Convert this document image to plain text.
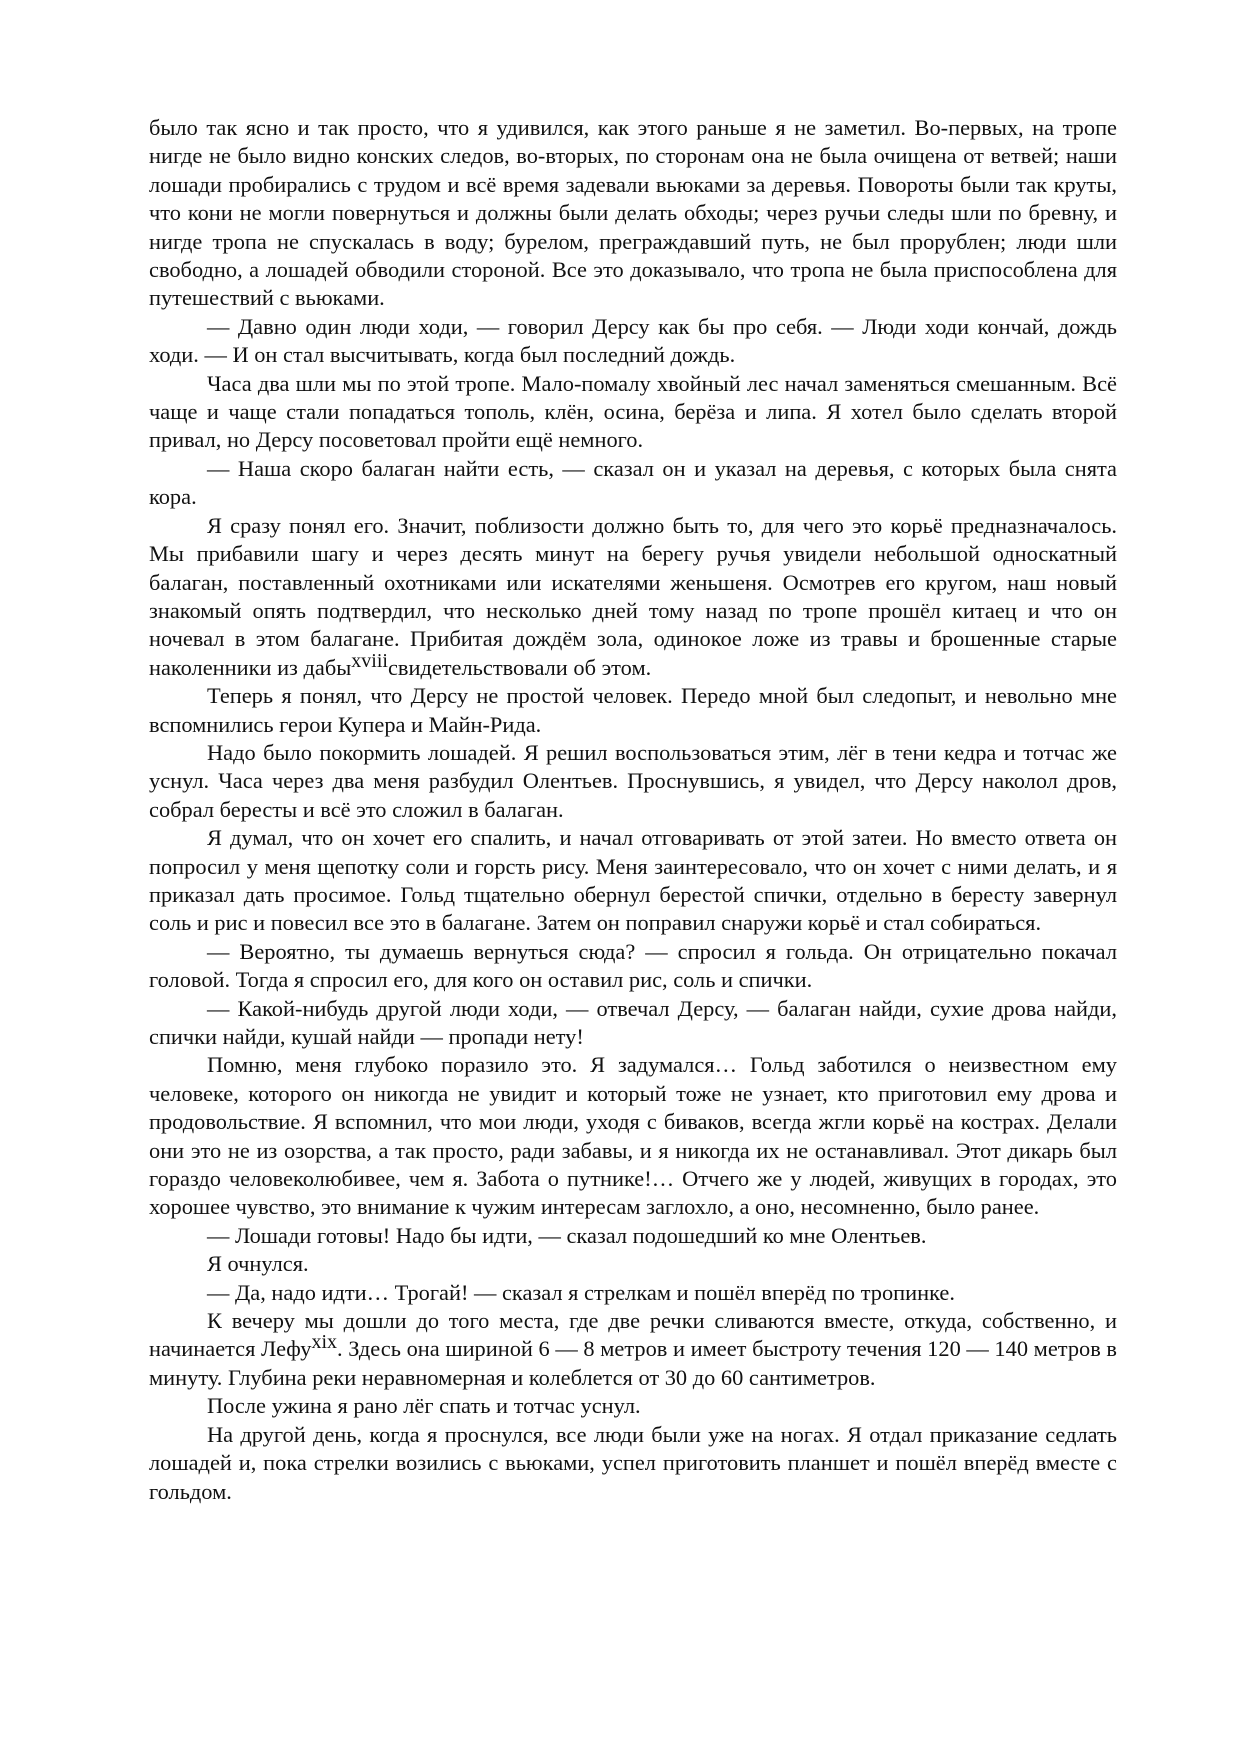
было так ясно и так просто, что я удивился, как этого раньше я не заметил. Во-первых, на тропе нигде не было видно конских следов, во-вторых, по сторонам она не была очищена от ветвей; наши лошади пробирались с трудом и всё время задевали вьюками за деревья. Повороты были так круты, что кони не могли повернуться и должны были делать обходы; через ручьи следы шли по бревну, и нигде тропа не спускалась в воду; бурелом, преграждавший путь, не был прорублен; люди шли свободно, а лошадей обводили стороной. Все это доказывало, что тропа не была приспособлена для путешествий с вьюками.

— Давно один люди ходи, — говорил Дерсу как бы про себя. — Люди ходи кончай, дождь ходи. — И он стал высчитывать, когда был последний дождь.

Часа два шли мы по этой тропе. Мало-помалу хвойный лес начал заменяться смешанным. Всё чаще и чаще стали попадаться тополь, клён, осина, берёза и липа. Я хотел было сделать второй привал, но Дерсу посоветовал пройти ещё немного.

— Наша скоро балаган найти есть, — сказал он и указал на деревья, с которых была снята кора.

Я сразу понял его. Значит, поблизости должно быть то, для чего это корьё предназначалось. Мы прибавили шагу и через десять минут на берегу ручья увидели небольшой односкатный балаган, поставленный охотниками или искателями женьшеня. Осмотрев его кругом, наш новый знакомый опять подтвердил, что несколько дней тому назад по тропе прошёл китаец и что он ночевал в этом балагане. Прибитая дождём зола, одинокое ложе из травы и брошенные старые наколенники из дабыxviiiсвидетельствовали об этом.

Теперь я понял, что Дерсу не простой человек. Передо мной был следопыт, и невольно мне вспомнились герои Купера и Майн-Рида.

Надо было покормить лошадей. Я решил воспользоваться этим, лёг в тени кедра и тотчас же уснул. Часа через два меня разбудил Олентьев. Проснувшись, я увидел, что Дерсу наколол дров, собрал бересты и всё это сложил в балаган.

Я думал, что он хочет его спалить, и начал отговаривать от этой затеи. Но вместо ответа он попросил у меня щепотку соли и горсть рису. Меня заинтересовало, что он хочет с ними делать, и я приказал дать просимое. Гольд тщательно обернул берестой спички, отдельно в бересту завернул соль и рис и повесил все это в балагане. Затем он поправил снаружи корьё и стал собираться.

— Вероятно, ты думаешь вернуться сюда? — спросил я гольда. Он отрицательно покачал головой. Тогда я спросил его, для кого он оставил рис, соль и спички.

— Какой-нибудь другой люди ходи, — отвечал Дерсу, — балаган найди, сухие дрова найди, спички найди, кушай найди — пропади нету!

Помню, меня глубоко поразило это. Я задумался… Гольд заботился о неизвестном ему человеке, которого он никогда не увидит и который тоже не узнает, кто приготовил ему дрова и продовольствие. Я вспомнил, что мои люди, уходя с биваков, всегда жгли корьё на кострах. Делали они это не из озорства, а так просто, ради забавы, и я никогда их не останавливал. Этот дикарь был гораздо человеколюбивее, чем я. Забота о путнике!… Отчего же у людей, живущих в городах, это хорошее чувство, это внимание к чужим интересам заглохло, а оно, несомненно, было ранее.

— Лошади готовы! Надо бы идти, — сказал подошедший ко мне Олентьев.

Я очнулся.

— Да, надо идти… Трогай! — сказал я стрелкам и пошёл вперёд по тропинке.

К вечеру мы дошли до того места, где две речки сливаются вместе, откуда, собственно, и начинается Лефуxix. Здесь она шириной 6 — 8 метров и имеет быстроту течения 120 — 140 метров в минуту. Глубина реки неравномерная и колеблется от 30 до 60 сантиметров.

После ужина я рано лёг спать и тотчас уснул.

На другой день, когда я проснулся, все люди были уже на ногах. Я отдал приказание седлать лошадей и, пока стрелки возились с вьюками, успел приготовить планшет и пошёл вперёд вместе с гольдом.
